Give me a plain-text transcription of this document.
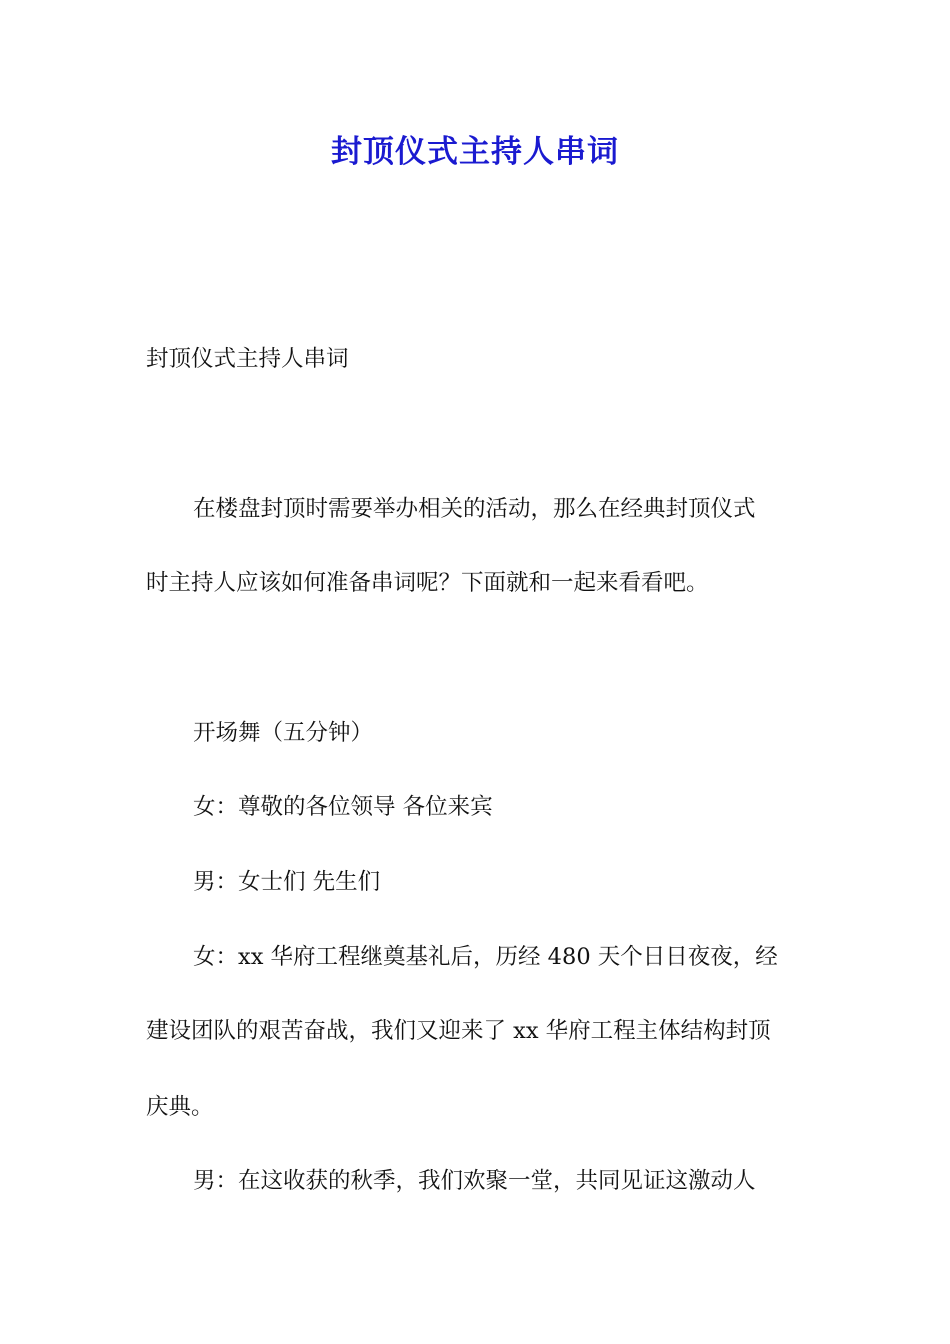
封顶仪式主持人串词

封顶仪式主持人串词

在楼盘封顶时需要举办相关的活动，那么在经典封顶仪式

时主持人应该如何准备串词呢？下面就和一起来看看吧。

开场舞（五分钟）

女：尊敬的各位领导 各位来宾

男：女士们 先生们

女：xx 华府工程继奠基礼后，历经 480 天个日日夜夜，经

建设团队的艰苦奋战，我们又迎来了 xx 华府工程主体结构封顶

庆典。

男：在这收获的秋季，我们欢聚一堂，共同见证这激动人
